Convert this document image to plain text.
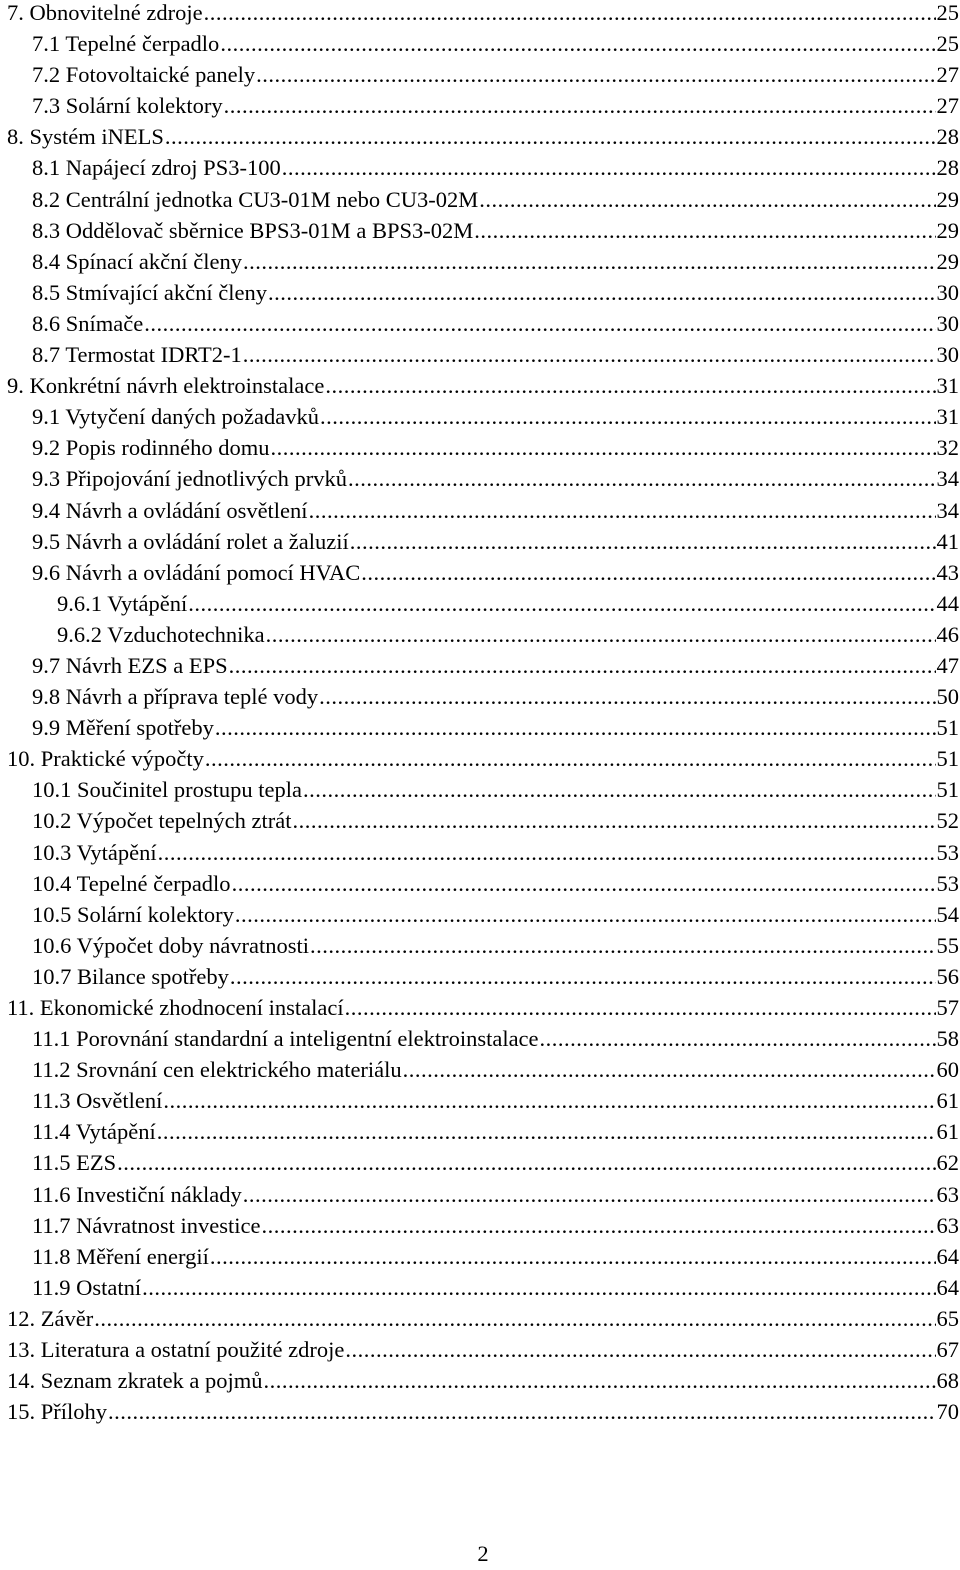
7. Obnovitelné zdroje .....	25
7.1 Tepelné čerpadlo .....	25
7.2 Fotovoltaické panely .....	27
7.3 Solární kolektory .....	27
8. Systém iNELS .....	28
8.1 Napájecí zdroj PS3-100 .....	28
8.2 Centrální jednotka CU3-01M nebo CU3-02M .....	29
8.3 Oddělovač sběrnice BPS3-01M a BPS3-02M .....	29
8.4 Spínací akční členy .....	29
8.5 Stmívající akční členy .....	30
8.6 Snímače .....	30
8.7 Termostat IDRT2-1 .....	30
9. Konkrétní návrh elektroinstalace .....	31
9.1 Vytyčení daných požadavků .....	31
9.2 Popis rodinného domu .....	32
9.3 Připojování jednotlivých prvků .....	34
9.4 Návrh a ovládání osvětlení .....	34
9.5 Návrh a ovládání rolet a žaluzií .....	41
9.6 Návrh a ovládání pomocí HVAC .....	43
9.6.1 Vytápění .....	44
9.6.2 Vzduchotechnika .....	46
9.7 Návrh EZS a EPS .....	47
9.8 Návrh a příprava teplé vody .....	50
9.9 Měření spotřeby .....	51
10. Praktické výpočty .....	51
10.1 Součinitel prostupu tepla .....	51
10.2 Výpočet tepelných ztrát .....	52
10.3 Vytápění .....	53
10.4 Tepelné čerpadlo .....	53
10.5 Solární kolektory .....	54
10.6 Výpočet doby návratnosti .....	55
10.7 Bilance spotřeby .....	56
11. Ekonomické zhodnocení instalací .....	57
11.1 Porovnání standardní a inteligentní elektroinstalace .....	58
11.2 Srovnání cen elektrického materiálu .....	60
11.3 Osvětlení .....	61
11.4 Vytápění .....	61
11.5 EZS .....	62
11.6 Investiční náklady .....	63
11.7 Návratnost investice .....	63
11.8 Měření energií .....	64
11.9 Ostatní .....	64
12. Závěr .....	65
13. Literatura a ostatní použité zdroje .....	67
14. Seznam zkratek a pojmů .....	68
15. Přílohy .....	70
2
